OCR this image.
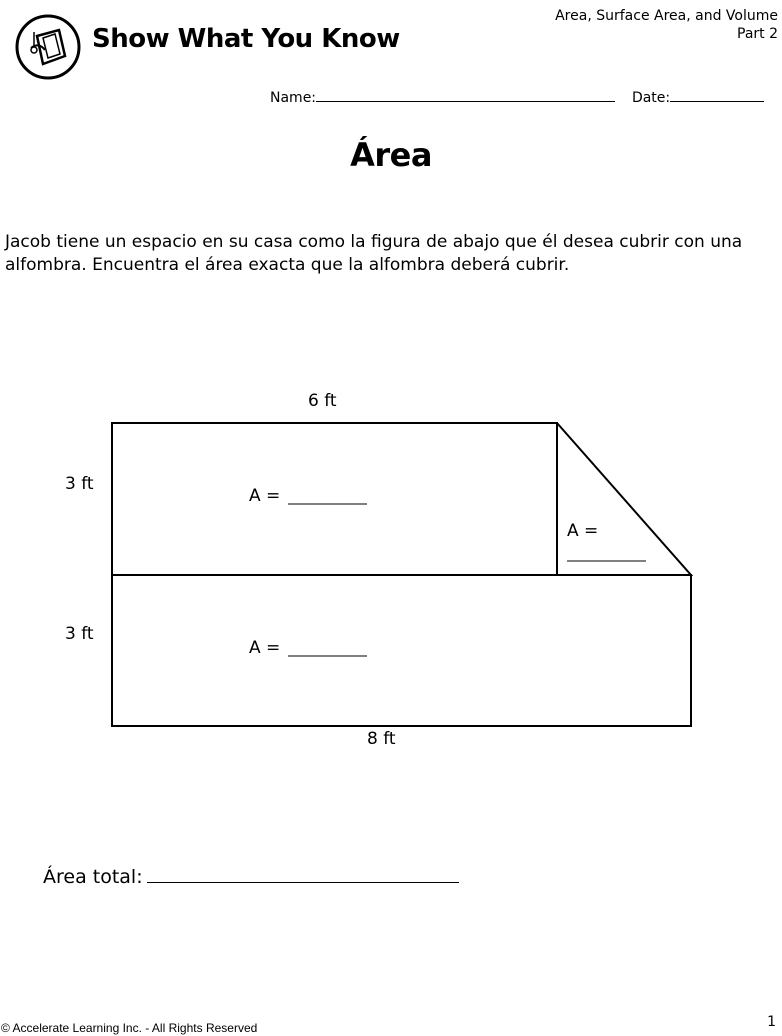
Show What You Know
Area, Surface Area, and Volume
Part 2
Name:	Date:
Área
Jacob tiene un espacio en su casa como la figura de abajo que él desea cubrir con una alfombra. Encuentra el área exacta que la alfombra deberá cubrir.
6 ft
3 ft
3 ft
8 ft
A =
A =
A =
Área total:
© Accelerate Learning Inc. - All Rights Reserved	1
